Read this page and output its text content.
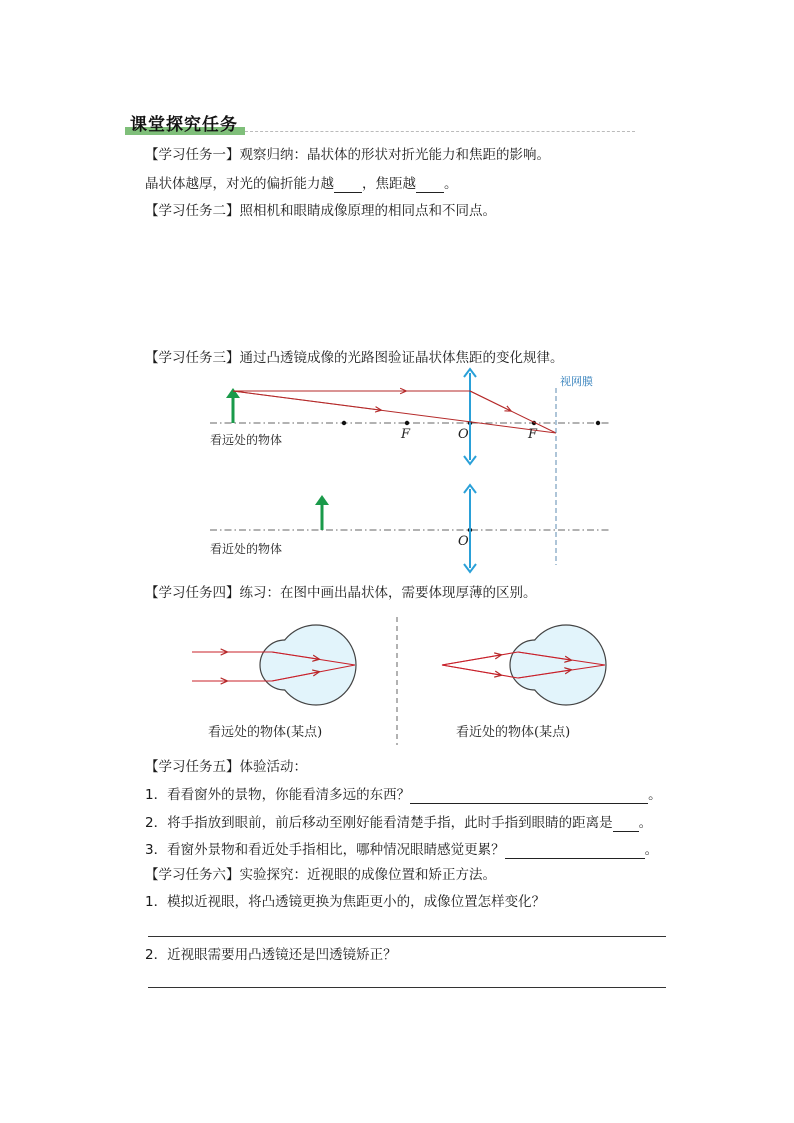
课堂探究任务
【学习任务一】观察归纳：晶状体的形状对折光能力和焦距的影响。
晶状体越厚，对光的偏折能力越 ，焦距越 。
【学习任务二】照相机和眼睛成像原理的相同点和不同点。
【学习任务三】通过凸透镜成像的光路图验证晶状体焦距的变化规律。
视网膜
F	O	F
看远处的物体
O
看近处的物体
看远处的物体(某点)	看近处的物体(某点)
【学习任务四】练习：在图中画出晶状体，需要体现厚薄的区别。
【学习任务五】体验活动：
1．看看窗外的景物，你能看清多远的东西？	。
2．将手指放到眼前，前后移动至刚好能看清楚手指，此时手指到眼睛的距离是 。
3．看窗外景物和看近处手指相比，哪种情况眼睛感觉更累？	。
【学习任务六】实验探究：近视眼的成像位置和矫正方法。
1．模拟近视眼，将凸透镜更换为焦距更小的，成像位置怎样变化？
2．近视眼需要用凸透镜还是凹透镜矫正？
